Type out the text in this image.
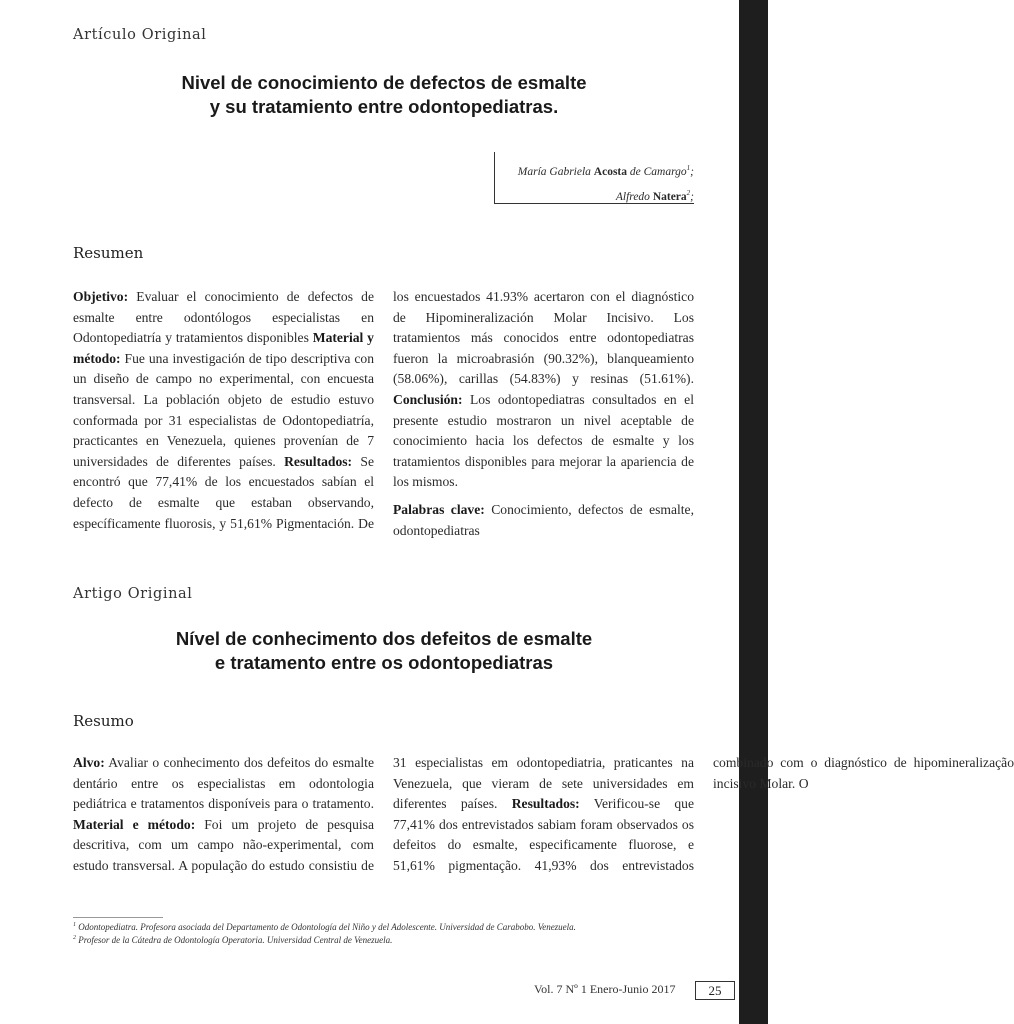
Artículo Original
Nivel de conocimiento de defectos de esmalte
y su tratamiento entre odontopediatras.
María Gabriela Acosta de Camargo$^1$;
Alfredo Natera$^2$;
Resumen

Objetivo: Evaluar el conocimiento de defectos de esmalte entre odontólogos especialistas en Odontopediatría y tratamientos disponibles Material y método: Fue una investigación de tipo descriptiva con un diseño de campo no experimental, con encuesta transversal. La población objeto de estudio estuvo conformada por 31 especialistas de Odontopediatría, practicantes en Venezuela, quienes provenían de 7 universidades de diferentes países. Resultados: Se encontró que 77,41% de los encuestados sabían el defecto de esmalte que estaban observando, específicamente fluorosis, y 51,61% Pigmentación. De los encuestados 41.93% acertaron con el diagnóstico de Hipomineralización Molar Incisivo. Los tratamientos más conocidos entre odontopediatras fueron la microabrasión (90.32%), blanqueamiento (58.06%), carillas (54.83%) y resinas (51.61%). Conclusión: Los odontopediatras consultados en el presente estudio mostraron un nivel aceptable de conocimiento hacia los defectos de esmalte y los tratamientos disponibles para mejorar la apariencia de los mismos.

Palabras clave: Conocimiento, defectos de esmalte, odontopediatras
Artigo Original
Nível de conhecimento dos defeitos de esmalte
e tratamento entre os odontopediatras
Resumo

Alvo: Avaliar o conhecimento dos defeitos do esmalte dentário entre os especialistas em odontologia pediátrica e tratamentos disponíveis para o tratamento. Material e método: Foi um projeto de pesquisa descritiva, com um campo não-experimental, com estudo transversal. A população do estudo consistiu de 31 especialistas em odontopediatria, praticantes na Venezuela, que vieram de sete universidades em diferentes países. Resultados: Verificou-se que 77,41% dos entrevistados sabiam foram observados os defeitos do esmalte, especificamente fluorose, e 51,61% pigmentação. 41,93% dos entrevistados combinado com o diagnóstico de hipomineralização incisivo Molar. O

$^1$ Odontopediatra. Profesora asociada del Departamento de Odontología del Niño y del Adolescente. Universidad de Carabobo. Venezuela.
$^2$ Profesor de la Cátedra de Odontología Operatoria. Universidad Central de Venezuela.
Vol. 7 Nº 1 Enero-Junio 2017	25
